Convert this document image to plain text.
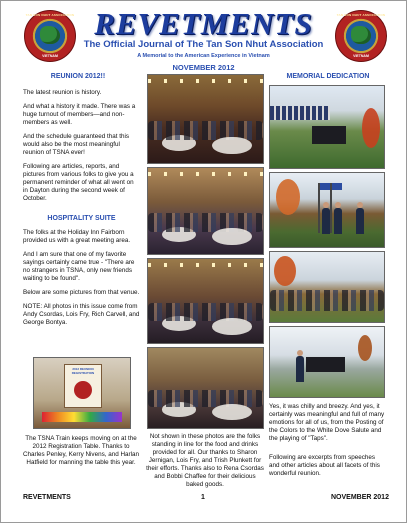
TAN SON NHUT ASSOCIATION
VIETNAM
TAN SON NHUT ASSOCIATION
VIETNAM
REVETMENTS
The Official Journal of The Tan Son Nhut Association
A Memorial to the American Experience in Vietnam
NOVEMBER 2012
REUNION 2012!!

The latest reunion is history.

And what a history it made. There was a huge turnout of members—and non-members as well.

And the schedule guaranteed that this would also be the most meaningful reunion of TSNA ever!

Following are articles, reports, and pictures from various folks to give you a permanent reminder of what all went on in Dayton during the second week of October.

HOSPITALITY SUITE

The folks at the Holiday Inn Fairborn provided us with a great meeting area.

And I am sure that one of my favorite sayings certainly came true - "There are no strangers in TSNA, only new friends waiting to be found".

Below are some pictures from that venue.

NOTE: All photos in this issue come from Andy Csordas, Lois Fry, Rich Carvell, and George Bontya.

2012 REUNION REGISTRATION
The TSNA Train keeps moving on at the 2012 Registration Table. Thanks to Charles Penley, Kerry Nivens, and Harlan Hatfield for manning the table this year.
Not shown in these photos are the folks standing in line for the food and drinks provided for all. Our thanks to Sharon Jernigan, Lois Fry, and Trish Plunkett for their efforts. Thanks also to Rena Csordas and Bobbi Chaffee for their delicious baked goods.
MEMORIAL DEDICATION
Yes, it was chilly and breezy. And yes, it certainly was meaningful and full of many emotions for all of us, from the Posting of the Colors to the White Dove Salute and the playing of "Taps".
Following are excerpts from speeches and other articles about all facets of this wonderful reunion.
REVETMENTS	1	NOVEMBER 2012
